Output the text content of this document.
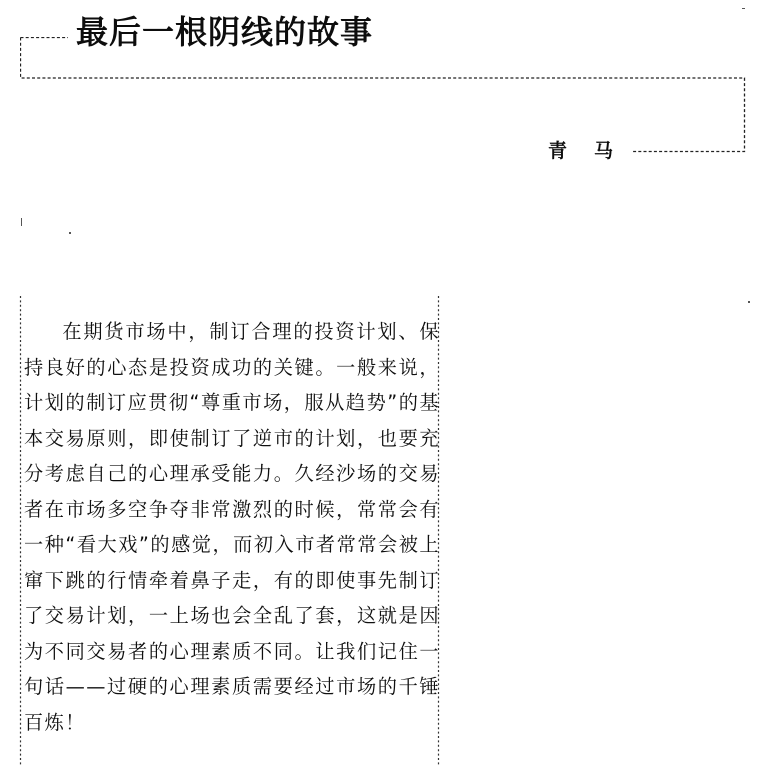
最后一根阴线的故事
青马

在期货市场中，制订合理的投资计划、保持良好的心态是投资成功的关键。一般来说，计划的制订应贯彻“尊重市场，服从趋势”的基本交易原则，即使制订了逆市的计划，也要充分考虑自己的心理承受能力。久经沙场的交易者在市场多空争夺非常激烈的时候，常常会有一种“看大戏”的感觉，而初入市者常常会被上窜下跳的行情牵着鼻子走，有的即使事先制订了交易计划，一上场也会全乱了套，这就是因为不同交易者的心理素质不同。让我们记住一句话——过硬的心理素质需要经过市场的千锤百炼！
